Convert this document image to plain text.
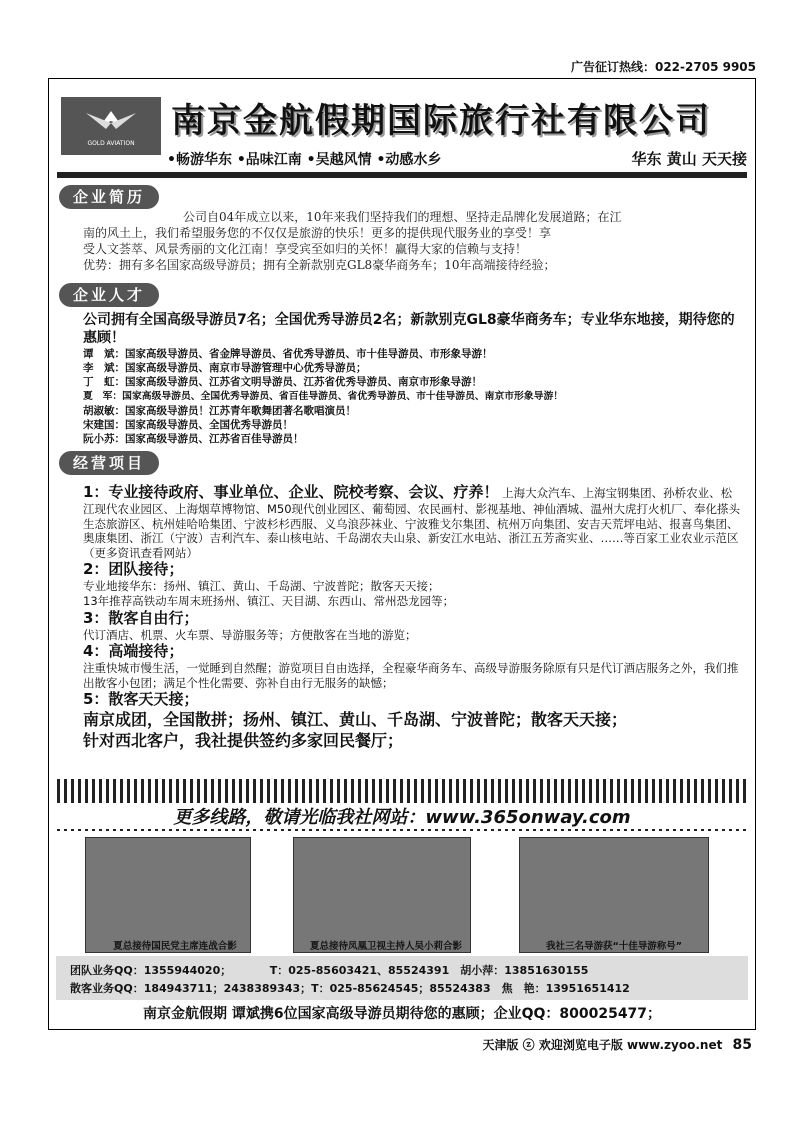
广告征订热线：022-2705 9905
GOLD AVIATION
南京金航假期国际旅行社有限公司
•畅游华东 •品味江南 •吴越风情 •动感水乡	华东 黄山 天天接
企业简历

公司自04年成立以来，10年来我们坚持我们的理想、坚持走品牌化发展道路；在江

南的风土上，我们希望服务您的不仅仅是旅游的快乐！更多的提供现代服务业的享受！享

受人文荟萃、风景秀丽的文化江南！享受宾至如归的关怀！赢得大家的信赖与支持！

优势：拥有多名国家高级导游员；拥有全新款别克GL8豪华商务车；10年高端接待经验；

企业人才
公司拥有全国高级导游员7名；全国优秀导游员2名；新款别克GL8豪华商务车；专业华东地接，期待您的惠顾！
谭　斌：国家高级导游员、省金牌导游员、省优秀导游员、市十佳导游员、市形象导游！
李　斌：国家高级导游员、南京市导游管理中心优秀导游员；
丁　虹：国家高级导游员、江苏省文明导游员、江苏省优秀导游员、南京市形象导游！
夏　军：国家高级导游员、全国优秀导游员、省百佳导游员、省优秀导游员、市十佳导游员、南京市形象导游！
胡淑敏：国家高级导游员！江苏青年歌舞团著名歌唱演员！
宋建国：国家高级导游员、全国优秀导游员！
阮小苏：国家高级导游员、江苏省百佳导游员！
经营项目
1：专业接待政府、事业单位、企业、院校考察、会议、疗养！ 上海大众汽车、上海宝钢集团、孙桥农业、松江现代农业园区、上海烟草博物馆、M50现代创业园区、葡萄园、农民画村、影视基地、神仙酒城、温州大虎打火机厂、奉化搽头生态旅游区、杭州娃哈哈集团、宁波杉杉西服、义乌浪莎袜业、宁波雅戈尔集团、杭州万向集团、安吉天荒坪电站、报喜鸟集团、奥康集团、浙江（宁波）吉利汽车、泰山核电站、千岛湖农夫山泉、新安江水电站、浙江五芳斋实业、……等百家工业农业示范区（更多资讯查看网站）
2：团队接待；
专业地接华东：扬州、镇江、黄山、千岛湖、宁波普陀；散客天天接；
13年推荐高铁动车周末班扬州、镇江、天目湖、东西山、常州恐龙园等；
3：散客自由行；
代订酒店、机票、火车票、导游服务等；方便散客在当地的游览；
4：高端接待；
注重快城市慢生活，一觉睡到自然醒；游览项目自由选择，全程豪华商务车、高级导游服务除原有只是代订酒店服务之外，我们推出散客小包团；满足个性化需要、弥补自由行无服务的缺憾；
5：散客天天接；
南京成团，全国散拼；扬州、镇江、黄山、千岛湖、宁波普陀；散客天天接；
针对西北客户，我社提供签约多家回民餐厅；
更多线路，敬请光临我社网站：www.365onway.com
夏总接待国民党主席连战合影	夏总接待凤凰卫视主持人吴小莉合影	我社三名导游获“十佳导游称号”
团队业务QQ：1355944020；　　　　T：025-85603421、85524391　胡小萍：13851630155
散客业务QQ：184943711；2438389343；T：025-85624545；85524383　焦　艳：13951651412
南京金航假期 谭斌携6位国家高级导游员期待您的惠顾；企业QQ：800025477；
天津版 ⓩ 欢迎浏览电子版 www.zyoo.net 85
